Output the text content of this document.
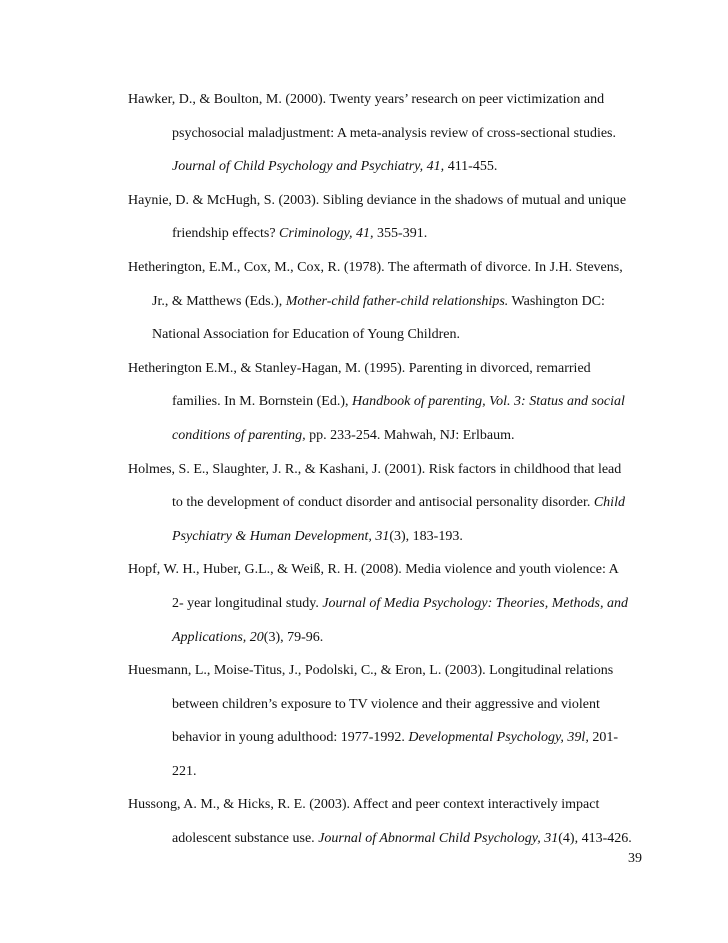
Hawker, D., & Boulton, M. (2000). Twenty years’ research on peer victimization and
psychosocial maladjustment: A meta-analysis review of cross-sectional studies.
Journal of Child Psychology and Psychiatry, 41, 411-455.
Haynie, D. & McHugh, S. (2003). Sibling deviance in the shadows of mutual and unique
friendship effects? Criminology, 41, 355-391.
Hetherington, E.M., Cox, M., Cox, R. (1978). The aftermath of divorce. In J.H. Stevens,
Jr., & Matthews (Eds.), Mother-child father-child relationships. Washington DC:
National Association for Education of Young Children.
Hetherington E.M., & Stanley-Hagan, M. (1995). Parenting in divorced, remarried
families. In M. Bornstein (Ed.), Handbook of parenting, Vol. 3: Status and social
conditions of parenting, pp. 233-254. Mahwah, NJ: Erlbaum.
Holmes, S. E., Slaughter, J. R., & Kashani, J. (2001). Risk factors in childhood that lead
to the development of conduct disorder and antisocial personality disorder. Child
Psychiatry & Human Development, 31(3), 183-193.
Hopf, W. H., Huber, G.L., & Weiß, R. H. (2008). Media violence and youth violence: A
2- year longitudinal study. Journal of Media Psychology: Theories, Methods, and
Applications, 20(3), 79-96.
Huesmann, L., Moise-Titus, J., Podolski, C., & Eron, L. (2003). Longitudinal relations
between children’s exposure to TV violence and their aggressive and violent
behavior in young adulthood: 1977-1992. Developmental Psychology, 39l, 201-
221.
Hussong, A. M., & Hicks, R. E. (2003). Affect and peer context interactively impact
adolescent substance use. Journal of Abnormal Child Psychology, 31(4), 413-426.
39
